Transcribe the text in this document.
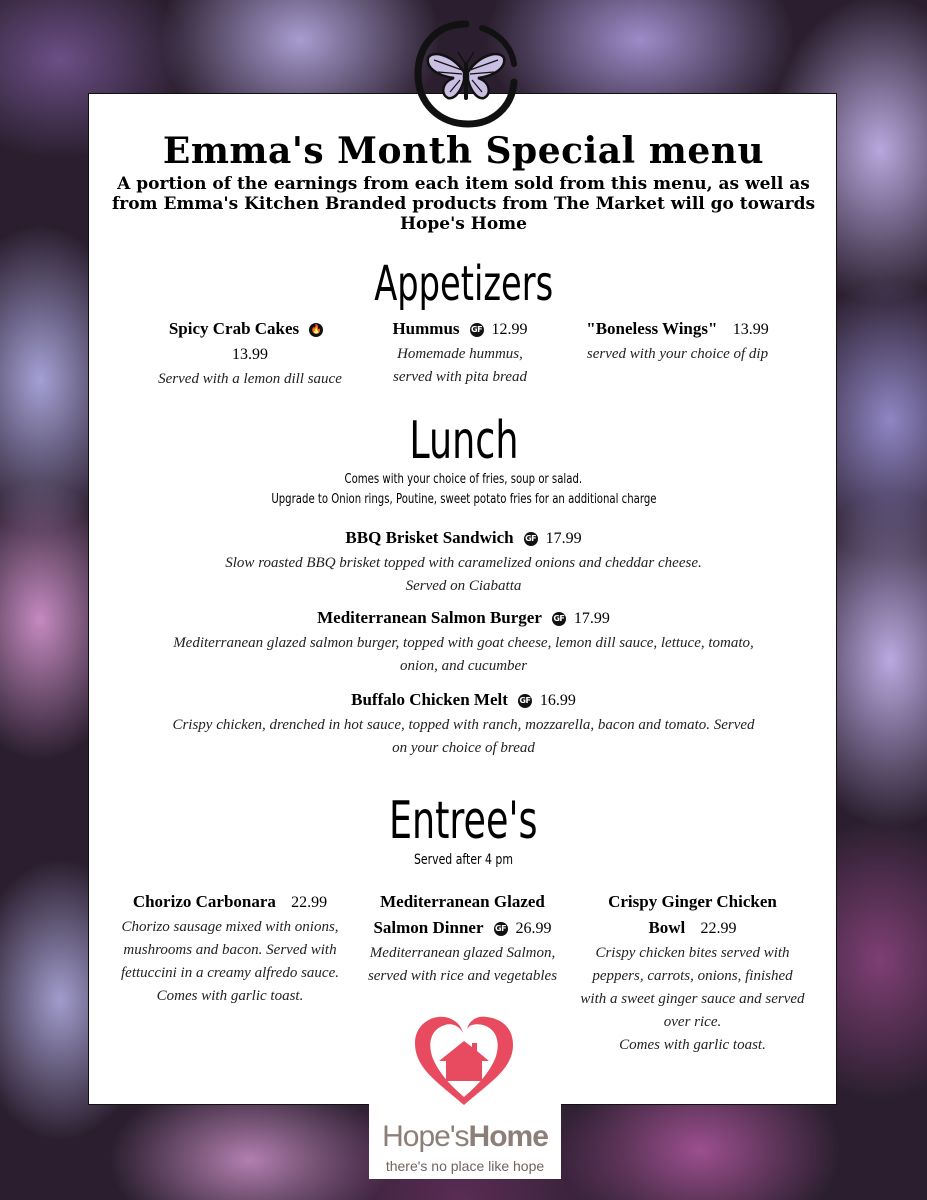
Emma's Month Special menu
A portion of the earnings from each item sold from this menu, as well as
from Emma's Kitchen Branded products from The Market will go towards
Hope's Home
Appetizers
Spicy Crab Cakes 🔥
13.99
Served with a lemon dill sauce
Hummus GF 12.99
Homemade hummus,
served with pita bread
"Boneless Wings" 13.99
served with your choice of dip
Lunch
Comes with your choice of fries, soup or salad.
Upgrade to Onion rings, Poutine, sweet potato fries for an additional charge
BBQ Brisket Sandwich GF 17.99
Slow roasted BBQ brisket topped with caramelized onions and cheddar cheese.
Served on Ciabatta
Mediterranean Salmon Burger GF 17.99
Mediterranean glazed salmon burger, topped with goat cheese, lemon dill sauce, lettuce, tomato,
onion, and cucumber
Buffalo Chicken Melt GF 16.99
Crispy chicken, drenched in hot sauce, topped with ranch, mozzarella, bacon and tomato. Served
on your choice of bread
Entree's
Served after 4 pm
Chorizo Carbonara 22.99
Chorizo sausage mixed with onions,
mushrooms and bacon. Served with
fettuccini in a creamy alfredo sauce.
Comes with garlic toast.
Mediterranean Glazed
Salmon Dinner GF 26.99
Mediterranean glazed Salmon,
served with rice and vegetables
Crispy Ginger Chicken
Bowl 22.99
Crispy chicken bites served with
peppers, carrots, onions, finished
with a sweet ginger sauce and served
over rice.
Comes with garlic toast.
Hope'sHome
there's no place like hope
